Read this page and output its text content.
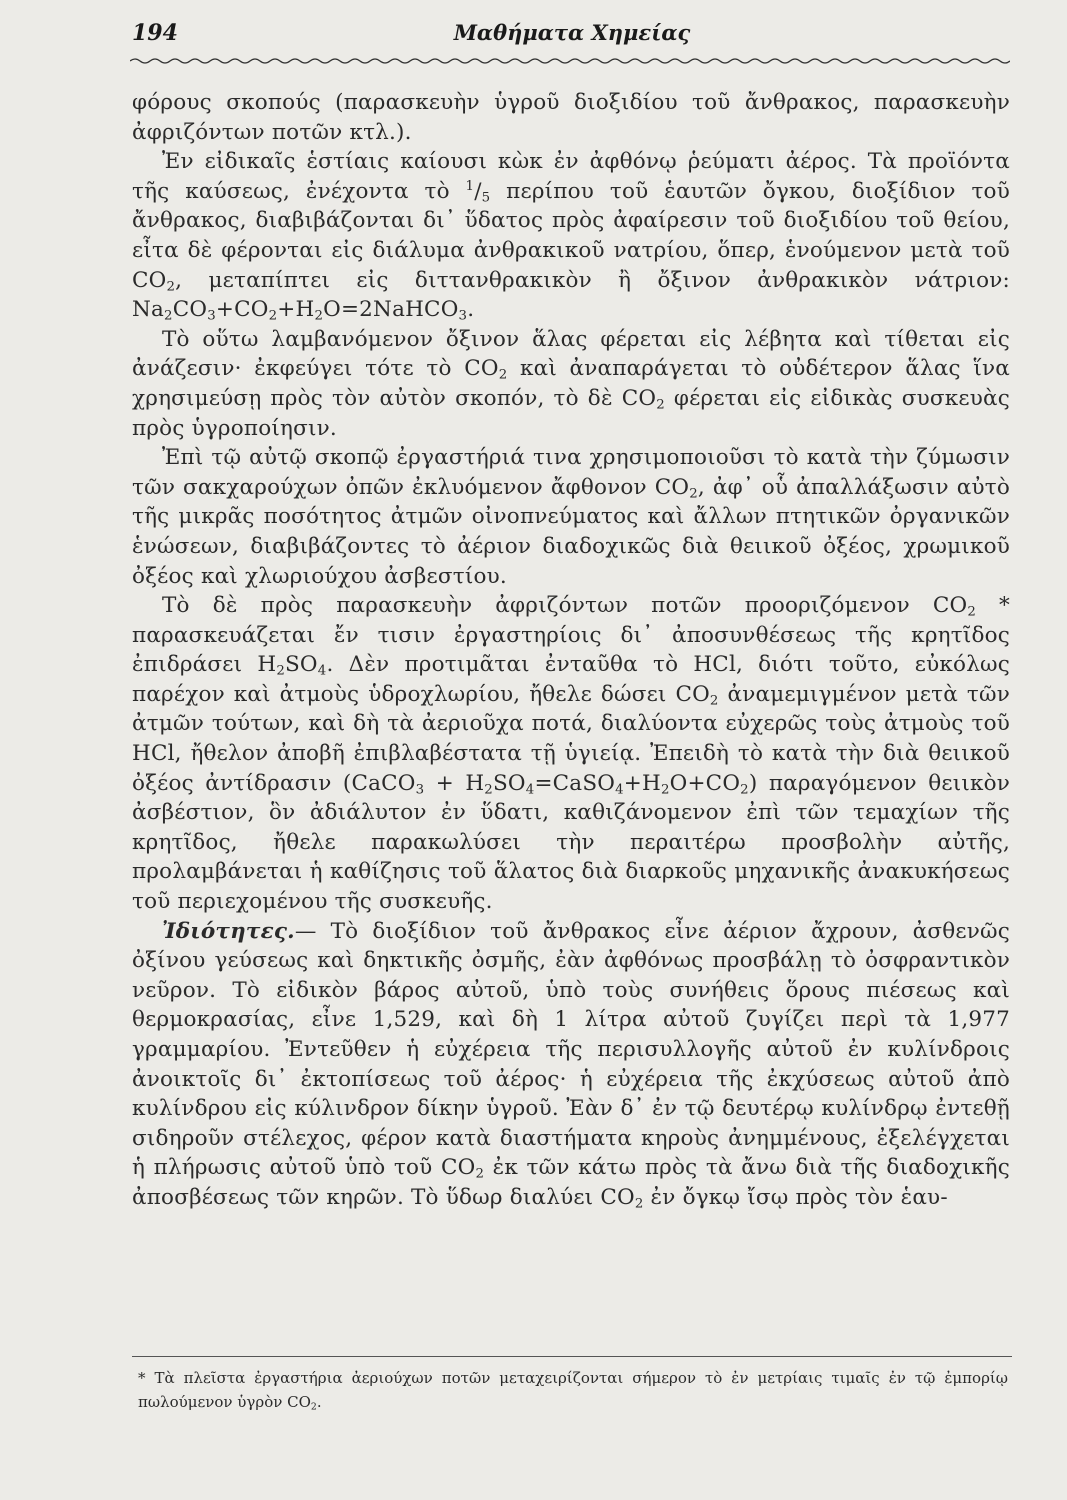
194	Μαθήματα Χημείας

φόρους σκοπούς (παρασκευὴν ὑγροῦ διοξιδίου τοῦ ἄνθρακος, παρασκευὴν ἀφριζόντων ποτῶν κτλ.).

Ἐν εἰδικαῖς ἑστίαις καίουσι κὼκ ἐν ἀφθόνῳ ῥεύματι ἀέρος. Τὰ προϊόντα τῆς καύσεως, ἐνέχοντα τὸ $^1/_5$ περίπου τοῦ ἑαυτῶν ὄγκου, διοξίδιον τοῦ ἄνθρακος, διαβιβάζονται δι᾽ ὕδατος πρὸς ἀφαίρεσιν τοῦ διοξιδίου τοῦ θείου, εἶτα δὲ φέρονται εἰς διάλυμα ἀνθρακικοῦ νατρίου, ὅπερ, ἑνούμενον μετὰ τοῦ $CO_2$, μεταπίπτει εἰς διττανθρακικὸν ἢ ὄξινον ἀνθρακικὸν νάτριον: $Na_2CO_3+CO_2+H_2O=2NaHCO_3$.

Τὸ οὕτω λαμβανόμενον ὄξινον ἅλας φέρεται εἰς λέβητα καὶ τίθεται εἰς ἀνάζεσιν· ἐκφεύγει τότε τὸ $CO_2$ καὶ ἀναπαράγεται τὸ οὐδέτερον ἅλας ἵνα χρησιμεύσῃ πρὸς τὸν αὐτὸν σκοπόν, τὸ δὲ $CO_2$ φέρεται εἰς εἰδικὰς συσκευὰς πρὸς ὑγροποίησιν.

Ἐπὶ τῷ αὐτῷ σκοπῷ ἐργαστήριά τινα χρησιμοποιοῦσι τὸ κατὰ τὴν ζύμωσιν τῶν σακχαρούχων ὀπῶν ἐκλυόμενον ἄφθονον $CO_2$, ἀφ᾽ οὗ ἀπαλλάξωσιν αὐτὸ τῆς μικρᾶς ποσότητος ἀτμῶν οἰνοπνεύματος καὶ ἄλλων πτητικῶν ὀργανικῶν ἑνώσεων, διαβιβάζοντες τὸ ἀέριον διαδοχικῶς διὰ θειικοῦ ὀξέος, χρωμικοῦ ὀξέος καὶ χλωριούχου ἀσβεστίου.

Τὸ δὲ πρὸς παρασκευὴν ἀφριζόντων ποτῶν προοριζόμενον $CO_2$ * παρασκευάζεται ἔν τισιν ἐργαστηρίοις δι᾽ ἀποσυνθέσεως τῆς κρητῖδος ἐπιδράσει $H_2SO_4$. Δὲν προτιμᾶται ἐνταῦθα τὸ HCl, διότι τοῦτο, εὐκόλως παρέχον καὶ ἀτμοὺς ὑδροχλωρίου, ἤθελε δώσει $CO_2$ ἀναμεμιγμένον μετὰ τῶν ἀτμῶν τούτων, καὶ δὴ τὰ ἀεριοῦχα ποτά, διαλύοντα εὐχερῶς τοὺς ἀτμοὺς τοῦ HCl, ἤθελον ἀποβῆ ἐπιβλαβέστατα τῇ ὑγιείᾳ. Ἐπειδὴ τὸ κατὰ τὴν διὰ θειικοῦ ὀξέος ἀντίδρασιν (CaCO$_3$ + $H_2SO_4=CaSO_4+H_2O+CO_2$) παραγόμενον θειικὸν ἀσβέστιον, ὃν ἀδιάλυτον ἐν ὕδατι, καθιζάνομενον ἐπὶ τῶν τεμαχίων τῆς κρητῖδος, ἤθελε παρακωλύσει τὴν περαιτέρω προσβολὴν αὐτῆς, προλαμβάνεται ἡ καθίζησις τοῦ ἅλατος διὰ διαρκοῦς μηχανικῆς ἀνακυκήσεως τοῦ περιεχομένου τῆς συσκευῆς.

Ἰδιότητες.— Τὸ διοξίδιον τοῦ ἄνθρακος εἶνε ἀέριον ἄχρουν, ἀσθενῶς ὀξίνου γεύσεως καὶ δηκτικῆς ὀσμῆς, ἐὰν ἀφθόνως προσβάλῃ τὸ ὀσφραντικὸν νεῦρον. Τὸ εἰδικὸν βάρος αὐτοῦ, ὑπὸ τοὺς συνήθεις ὅρους πιέσεως καὶ θερμοκρασίας, εἶνε 1,529, καὶ δὴ 1 λίτρα αὐτοῦ ζυγίζει περὶ τὰ 1,977 γραμμαρίου. Ἐντεῦθεν ἡ εὐχέρεια τῆς περισυλλογῆς αὐτοῦ ἐν κυλίνδροις ἀνοικτοῖς δι᾽ ἐκτοπίσεως τοῦ ἀέρος· ἡ εὐχέρεια τῆς ἐκχύσεως αὐτοῦ ἀπὸ κυλίνδρου εἰς κύλινδρον δίκην ὑγροῦ. Ἐὰν δ᾽ ἐν τῷ δευτέρῳ κυλίνδρῳ ἐντεθῇ σιδηροῦν στέλεχος, φέρον κατὰ διαστήματα κηροὺς ἀνημμένους, ἐξελέγχεται ἡ πλήρωσις αὐτοῦ ὑπὸ τοῦ $CO_2$ ἐκ τῶν κάτω πρὸς τὰ ἄνω διὰ τῆς διαδοχικῆς ἀποσβέσεως τῶν κηρῶν. Τὸ ὕδωρ διαλύει $CO_2$ ἐν ὄγκῳ ἴσῳ πρὸς τὸν ἑαυ-

* Τὰ πλεῖστα ἐργαστήρια ἀεριούχων ποτῶν μεταχειρίζονται σήμερον τὸ ἐν μετρίαις τιμαῖς ἐν τῷ ἐμπορίῳ πωλούμενον ὑγρὸν $CO_2$.
